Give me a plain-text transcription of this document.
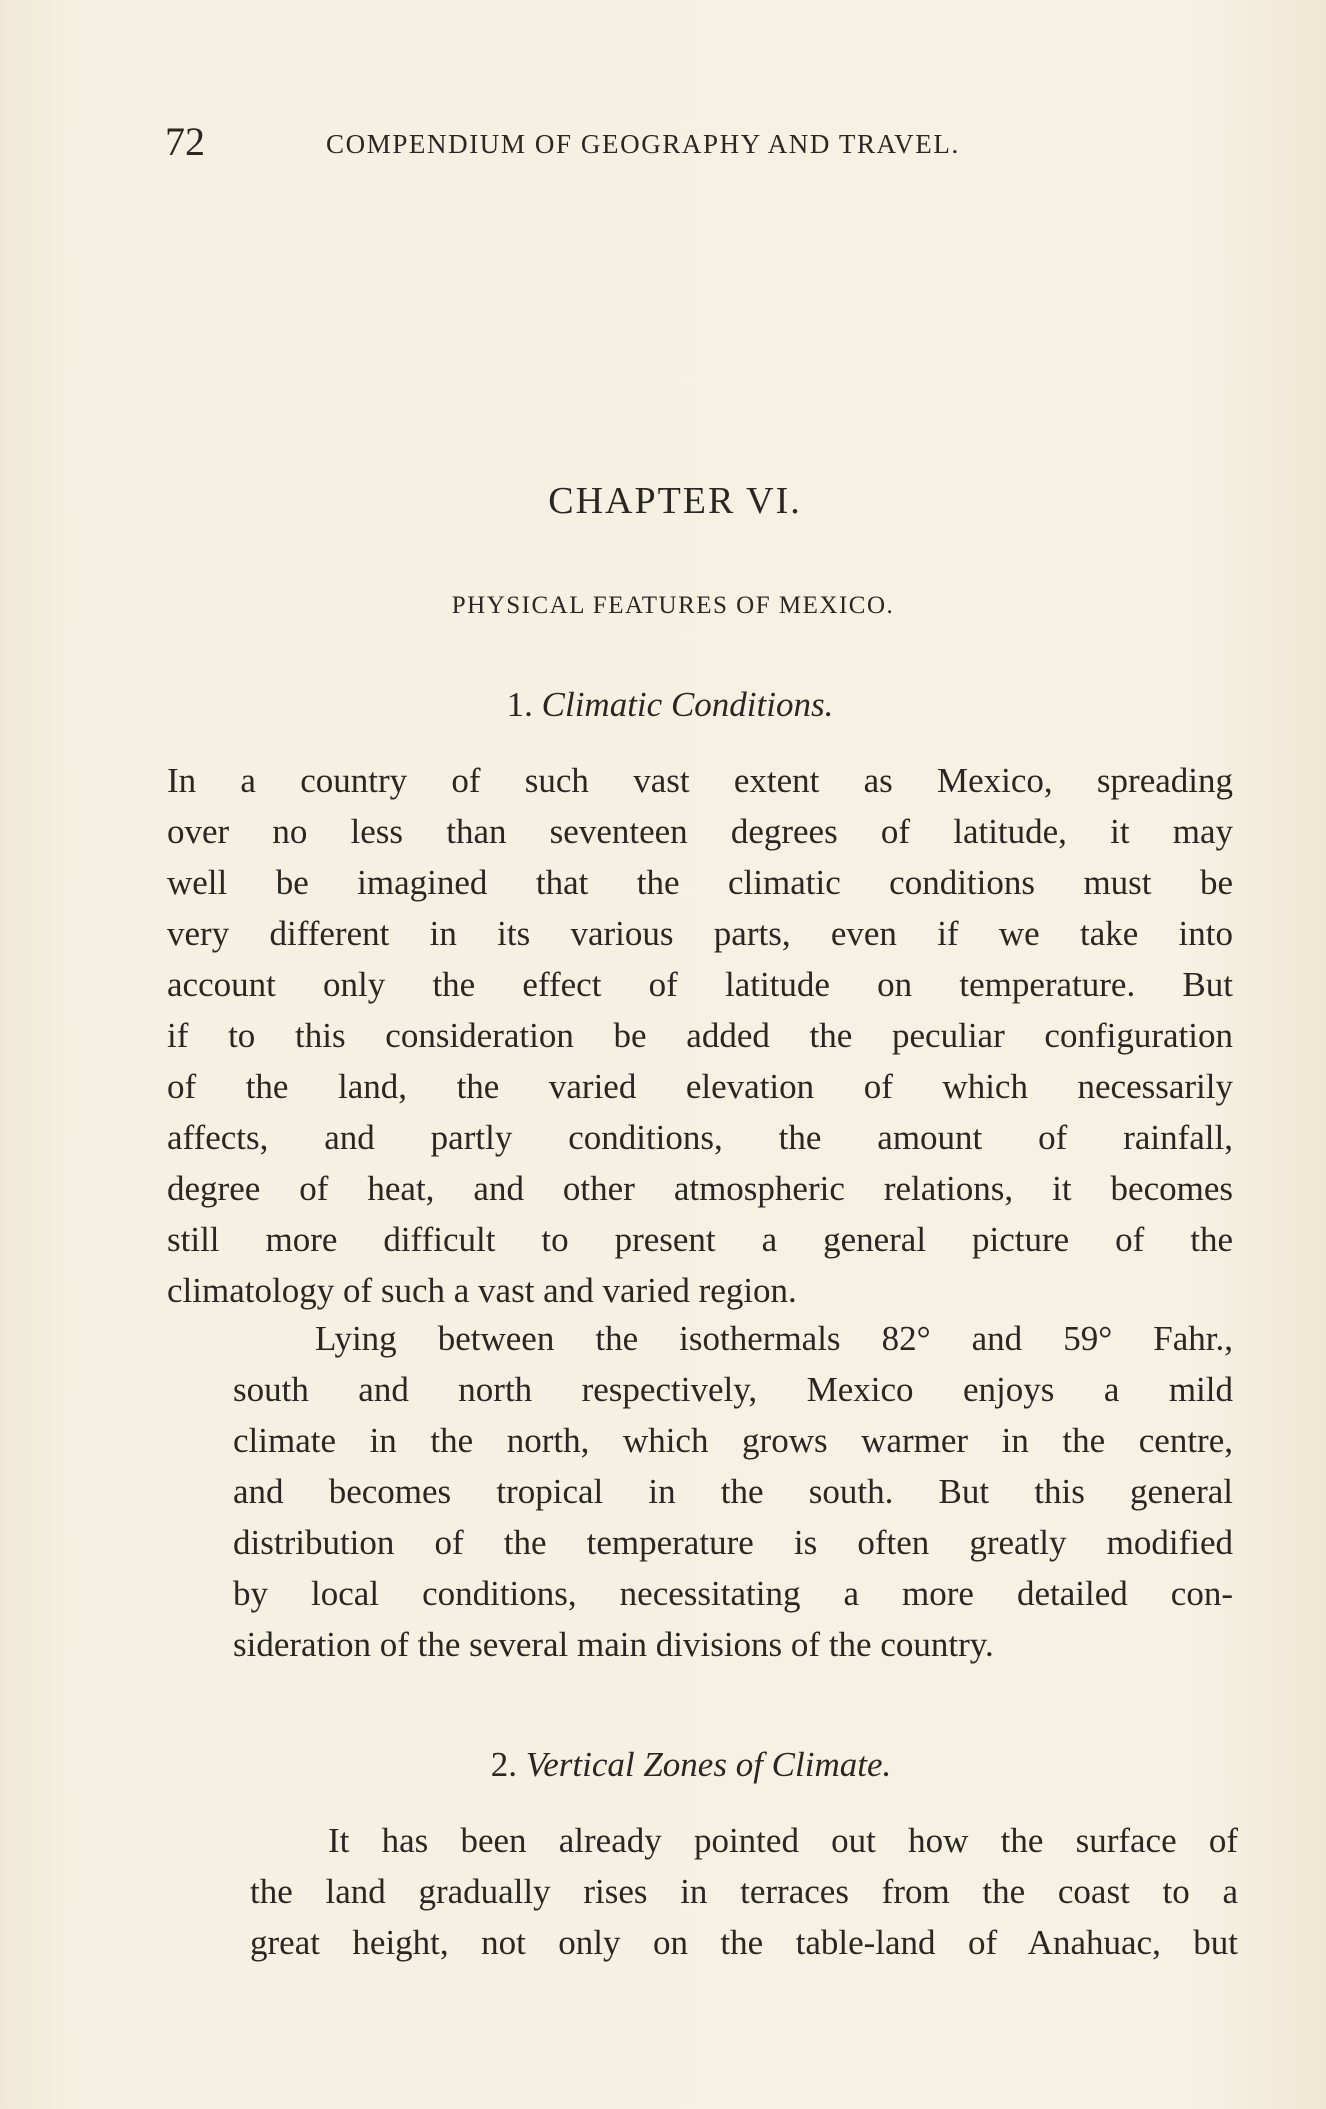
72	COMPENDIUM OF GEOGRAPHY AND TRAVEL.
CHAPTER VI.
PHYSICAL FEATURES OF MEXICO.
1. Climatic Conditions.
In a country of such vast extent as Mexico, spreading
over no less than seventeen degrees of latitude, it may
well be imagined that the climatic conditions must be
very different in its various parts, even if we take into
account only the effect of latitude on temperature. But
if to this consideration be added the peculiar configuration
of the land, the varied elevation of which necessarily
affects, and partly conditions, the amount of rainfall,
degree of heat, and other atmospheric relations, it becomes
still more difficult to present a general picture of the
climatology of such a vast and varied region.
Lying between the isothermals 82° and 59° Fahr.,
south and north respectively, Mexico enjoys a mild
climate in the north, which grows warmer in the centre,
and becomes tropical in the south. But this general
distribution of the temperature is often greatly modified
by local conditions, necessitating a more detailed con-
sideration of the several main divisions of the country.
2. Vertical Zones of Climate.
It has been already pointed out how the surface of
the land gradually rises in terraces from the coast to a
great height, not only on the table-land of Anahuac, but
